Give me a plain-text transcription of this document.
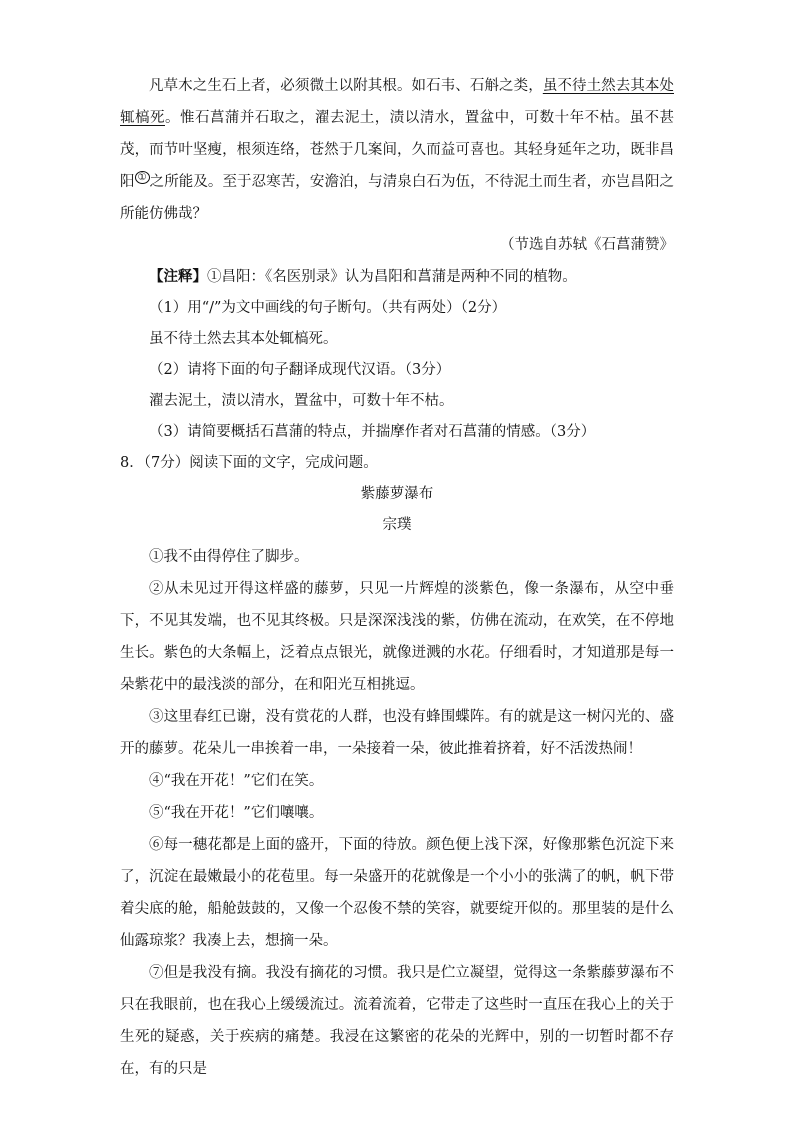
凡草木之生石上者，必须微土以附其根。如石韦、石斛之类，虽不待土然去其本处辄槁死。惟石菖蒲并石取之，濯去泥土，渍以清水，置盆中，可数十年不枯。虽不甚茂，而节叶坚瘦，根须连络，苍然于几案间，久而益可喜也。其轻身延年之功，既非昌阳 ① 之所能及。至于忍寒苦，安澹泊，与清泉白石为伍，不待泥土而生者，亦岂昌阳之所能仿佛哉？

（节选自苏轼《石菖蒲赞》

【注释】①昌阳：《名医别录》认为昌阳和菖蒲是两种不同的植物。

（1）用“/”为文中画线的句子断句。（共有两处）（2分）

虽不待土然去其本处辄槁死。

（2）请将下面的句子翻译成现代汉语。（3分）

濯去泥土，渍以清水，置盆中，可数十年不枯。

（3）请简要概括石菖蒲的特点，并揣摩作者对石菖蒲的情感。（3分）

8．（7分）阅读下面的文字，完成问题。

紫藤萝瀑布

宗璞

①我不由得停住了脚步。

②从未见过开得这样盛的藤萝，只见一片辉煌的淡紫色，像一条瀑布，从空中垂下，不见其发端，也不见其终极。只是深深浅浅的紫，仿佛在流动，在欢笑，在不停地生长。紫色的大条幅上，泛着点点银光，就像迸溅的水花。仔细看时，才知道那是每一朵紫花中的最浅淡的部分，在和阳光互相挑逗。

③这里春红已谢，没有赏花的人群，也没有蜂围蝶阵。有的就是这一树闪光的、盛开的藤萝。花朵儿一串挨着一串，一朵接着一朵，彼此推着挤着，好不活泼热闹！

④“我在开花！”它们在笑。

⑤“我在开花！”它们嚷嚷。

⑥每一穗花都是上面的盛开，下面的待放。颜色便上浅下深，好像那紫色沉淀下来了，沉淀在最嫩最小的花苞里。每一朵盛开的花就像是一个小小的张满了的帆，帆下带着尖底的舱，船舱鼓鼓的，又像一个忍俊不禁的笑容，就要绽开似的。那里装的是什么仙露琼浆？我凑上去，想摘一朵。

⑦但是我没有摘。我没有摘花的习惯。我只是伫立凝望，觉得这一条紫藤萝瀑布不只在我眼前，也在我心上缓缓流过。流着流着，它带走了这些时一直压在我心上的关于生死的疑惑，关于疾病的痛楚。我浸在这繁密的花朵的光辉中，别的一切暂时都不存在，有的只是
